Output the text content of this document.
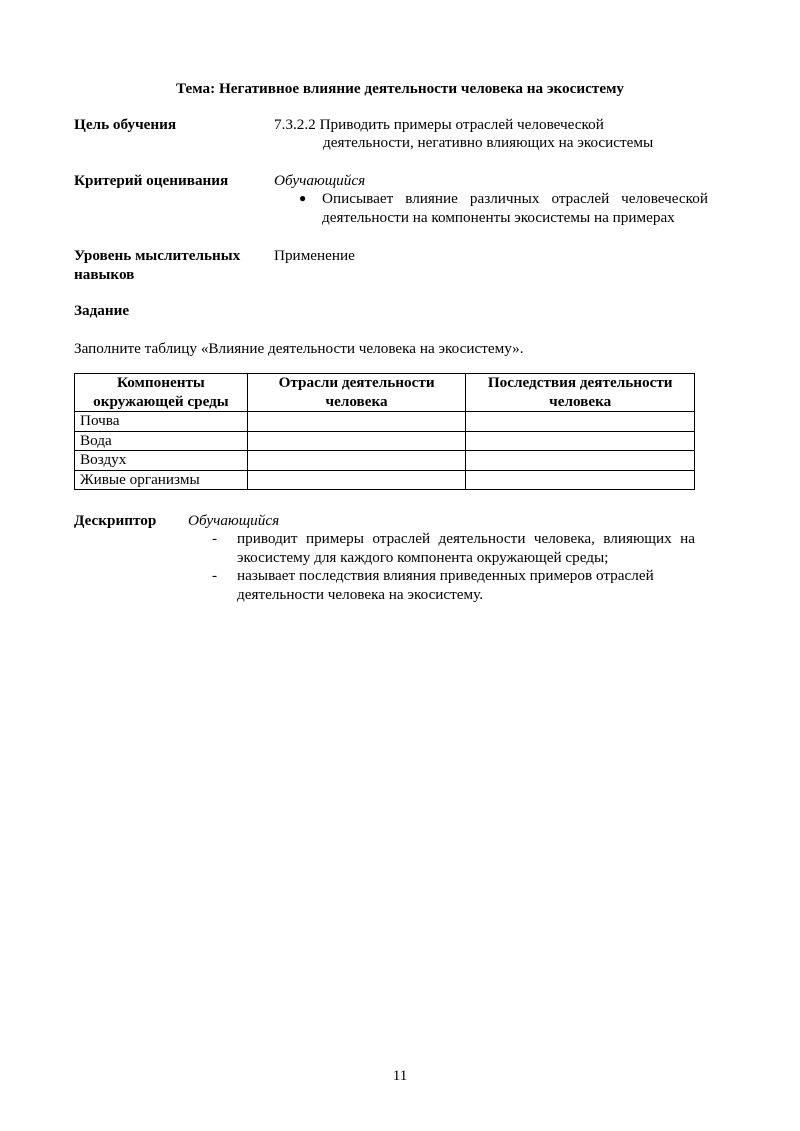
Тема: Негативное влияние деятельности человека на экосистему
Цель обучения	7.3.2.2 Приводить примеры отраслей человеческой
деятельности, негативно влияющих на экосистемы
Критерий оценивания	Обучающийся
● Описывает влияние различных отраслей человеческой
деятельности на компоненты экосистемы на примерах
Уровень мыслительных навыков
Применение
Задание
Заполните таблицу «Влияние деятельности человека на экосистему».
Компоненты окружающей среды	Отрасли деятельности человека	Последствия деятельности человека
Почва		
Вода		
Воздух		
Живые организмы		
Дескриптор Обучающийся
- приводит примеры отраслей деятельности человека, влияющих на
экосистему для каждого компонента окружающей среды;
- называет последствия влияния приведенных примеров отраслей
деятельности человека на экосистему.
11
